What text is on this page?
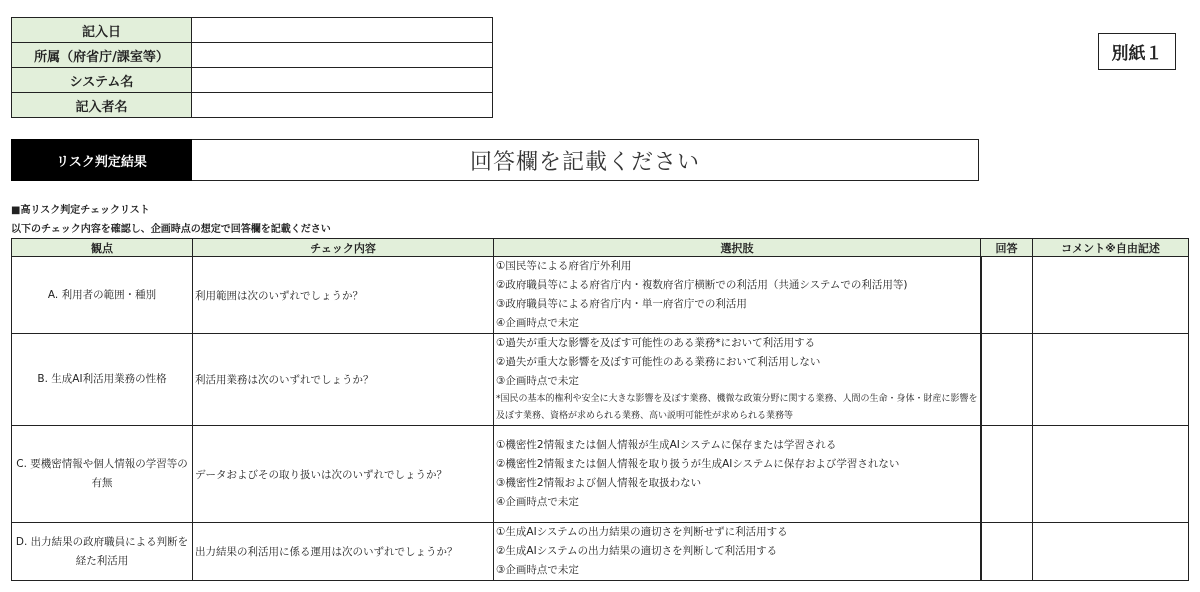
記入日	
所属（府省庁/課室等）	
システム名	
記入者名	
別紙１
リスク判定結果	回答欄を記載ください
■高リスク判定チェックリスト
以下のチェック内容を確認し、企画時点の想定で回答欄を記載ください
観点	チェック内容	選択肢	回答	コメント※自由記述
A. 利用者の範囲・種別	利用範囲は次のいずれでしょうか？	①国民等による府省庁外利用
②政府職員等による府省庁内・複数府省庁横断での利活用（共通システムでの利活用等)
③政府職員等による府省庁内・単一府省庁での利活用
④企画時点で未定		

B. 生成AI利活用業務の性格	利活用業務は次のいずれでしょうか？	①過失が重大な影響を及ぼす可能性のある業務*において利活用する
②過失が重大な影響を及ぼす可能性のある業務において利活用しない
③企画時点で未定
*国民の基本的権利や安全に大きな影響を及ぼす業務、機微な政策分野に関する業務、人間の生命・身体・財産に影響を及ぼす業務、資格が求められる業務、高い説明可能性が求められる業務等		

C. 要機密情報や個人情報の学習等の有無	データおよびその取り扱いは次のいずれでしょうか？	①機密性2情報または個人情報が生成AIシステムに保存または学習される
②機密性2情報または個人情報を取り扱うが生成AIシステムに保存および学習されない
③機密性2情報および個人情報を取扱わない
④企画時点で未定		

D. 出力結果の政府職員による判断を経た利活用	出力結果の利活用に係る運用は次のいずれでしょうか？	①生成AIシステムの出力結果の適切さを判断せずに利活用する
②生成AIシステムの出力結果の適切さを判断して利活用する
③企画時点で未定		
